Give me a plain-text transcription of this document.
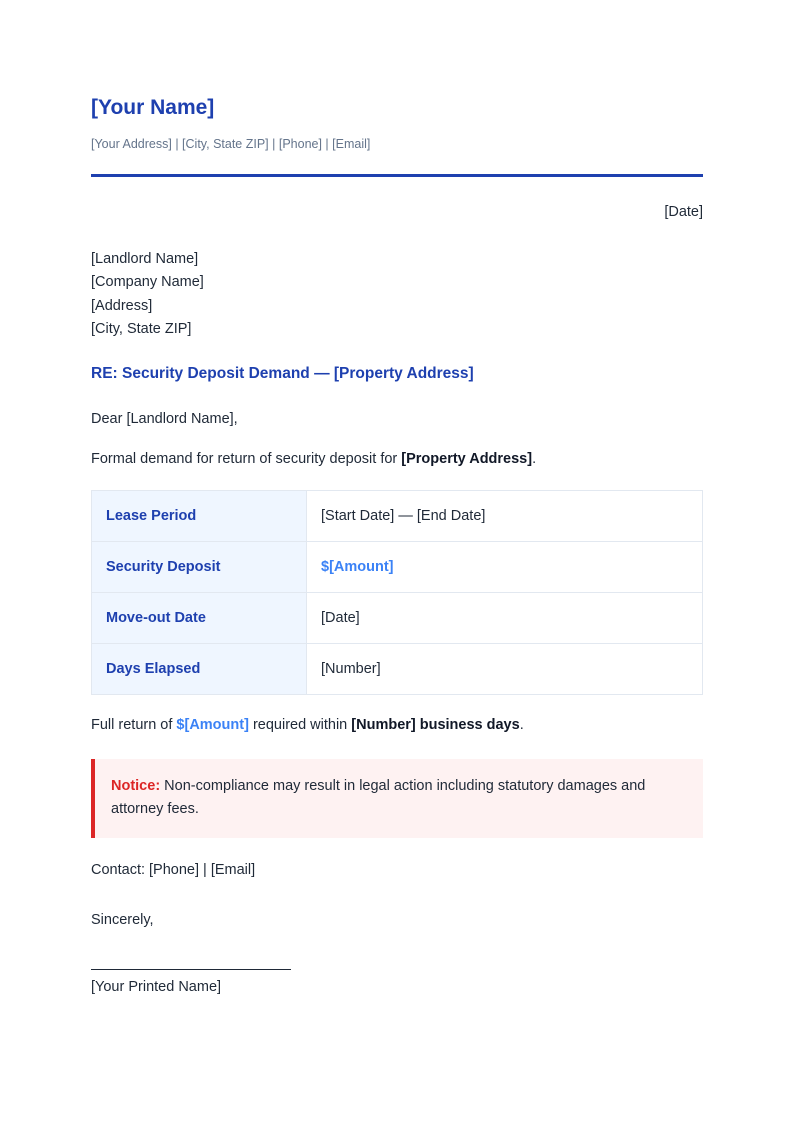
[Your Name]
[Your Address] | [City, State ZIP] | [Phone] | [Email]
[Date]
[Landlord Name]
[Company Name]
[Address]
[City, State ZIP]
RE: Security Deposit Demand — [Property Address]
Dear [Landlord Name],
Formal demand for return of security deposit for [Property Address].
Lease Period	[Start Date] — [End Date]
Security Deposit	$[Amount]
Move-out Date	[Date]
Days Elapsed	[Number]
Full return of $[Amount] required within [Number] business days.
Notice: Non-compliance may result in legal action including statutory damages and attorney fees.
Contact: [Phone] | [Email]
Sincerely,
[Your Printed Name]
